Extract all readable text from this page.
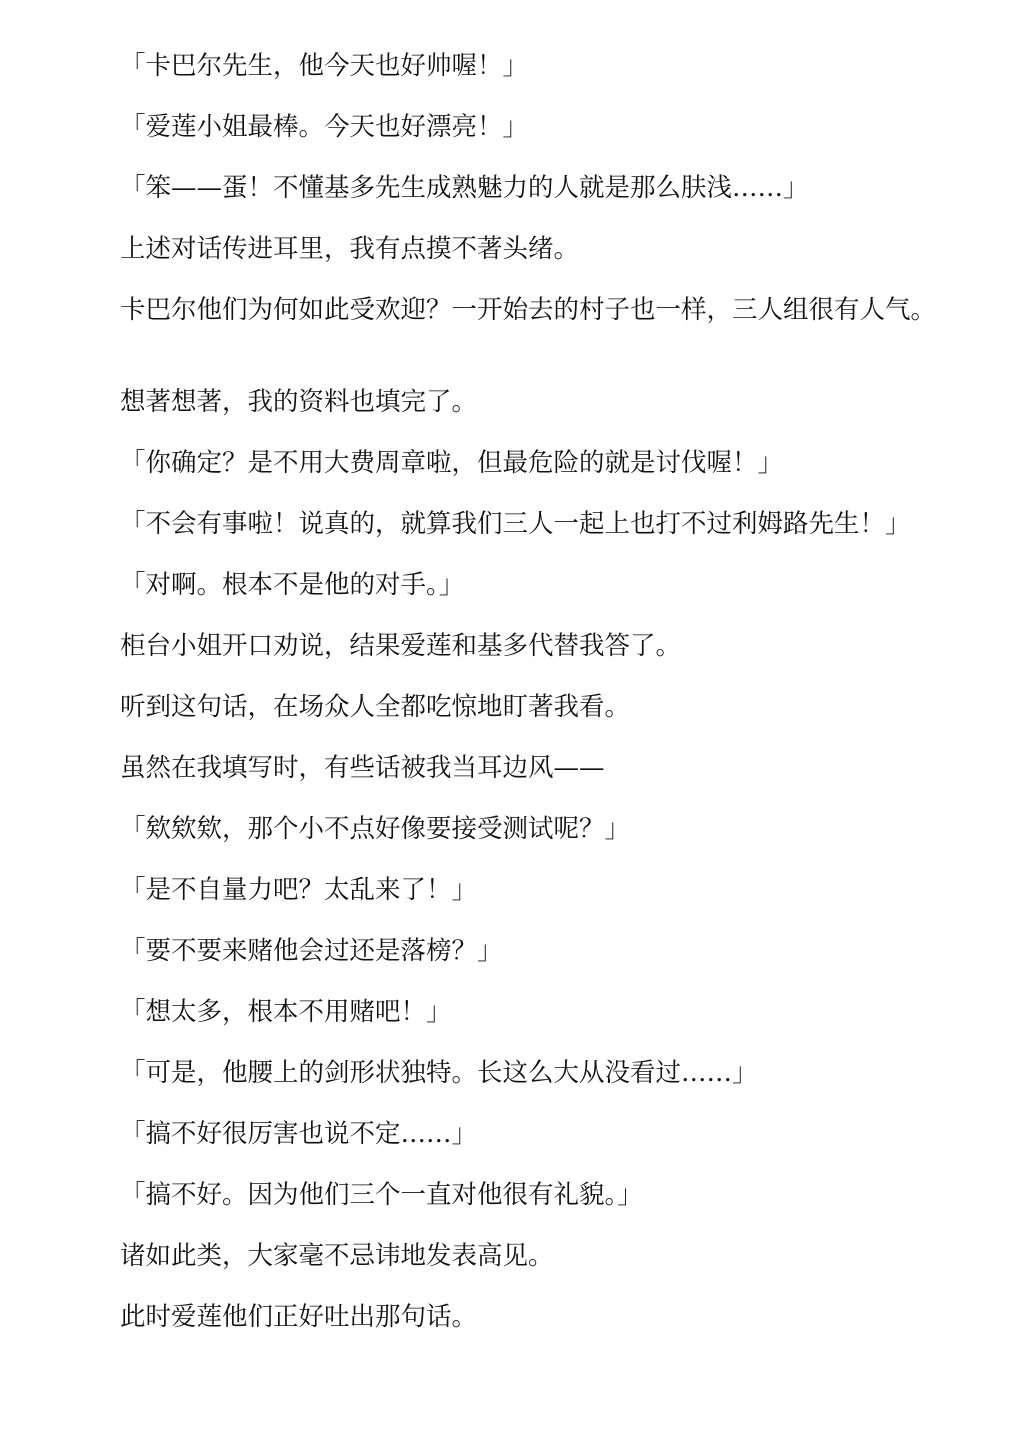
「卡巴尔先生，他今天也好帅喔！」

「爱莲小姐最棒。今天也好漂亮！」

「笨——蛋！不懂基多先生成熟魅力的人就是那么肤浅……」

上述对话传进耳里，我有点摸不著头绪。

卡巴尔他们为何如此受欢迎？一开始去的村子也一样，三人组很有人气。

想著想著，我的资料也填完了。

「你确定？是不用大费周章啦，但最危险的就是讨伐喔！」

「不会有事啦！说真的，就算我们三人一起上也打不过利姆路先生！」

「对啊。根本不是他的对手。」

柜台小姐开口劝说，结果爱莲和基多代替我答了。

听到这句话，在场众人全都吃惊地盯著我看。

虽然在我填写时，有些话被我当耳边风——

「欸欸欸，那个小不点好像要接受测试呢？」

「是不自量力吧？太乱来了！」

「要不要来赌他会过还是落榜？」

「想太多，根本不用赌吧！」

「可是，他腰上的剑形状独特。长这么大从没看过……」

「搞不好很厉害也说不定……」

「搞不好。因为他们三个一直对他很有礼貌。」

诸如此类，大家毫不忌讳地发表高见。

此时爱莲他们正好吐出那句话。
